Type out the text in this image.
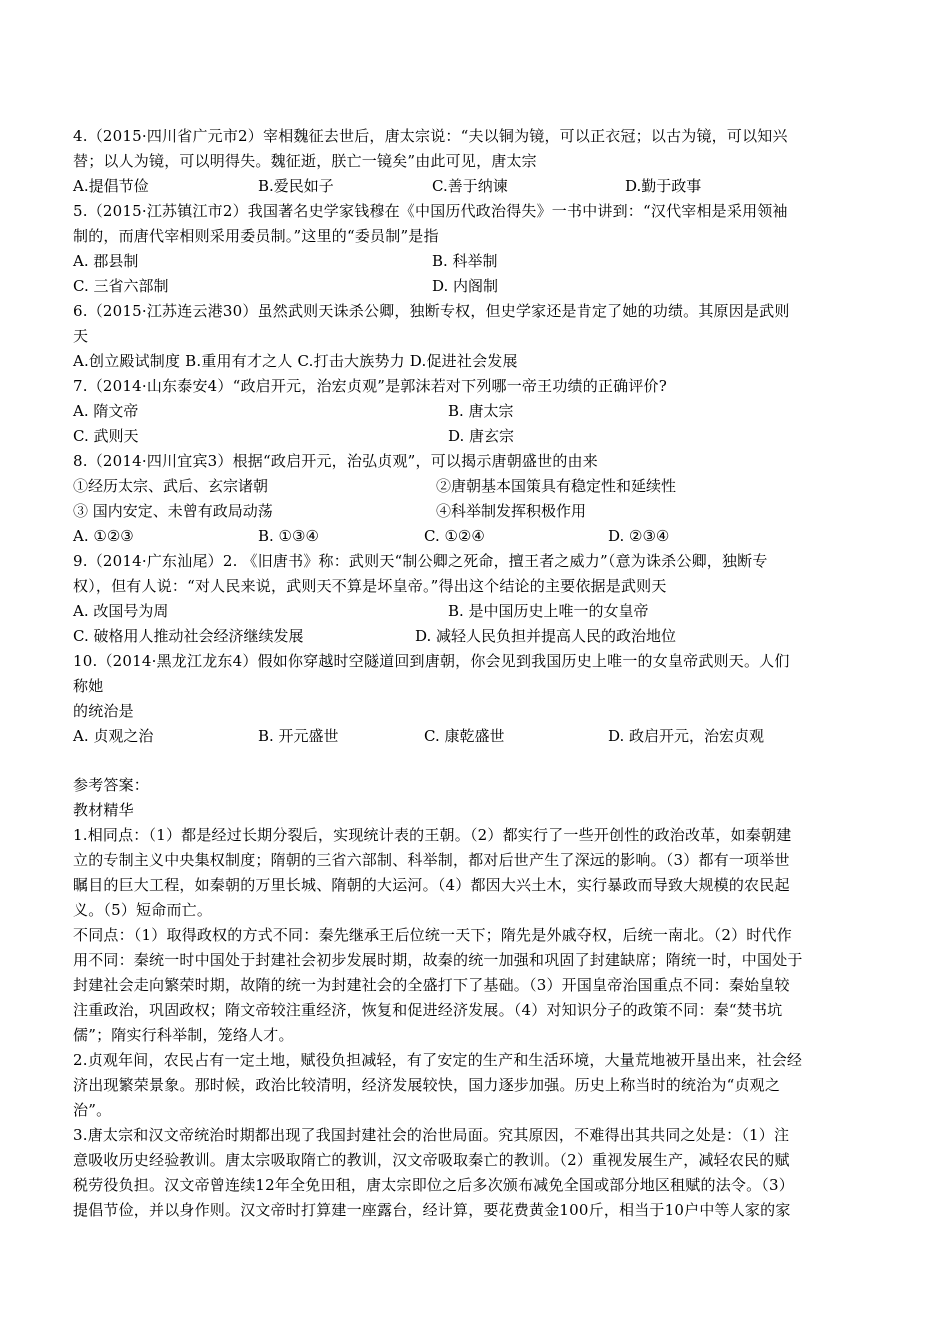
4.（2015·四川省广元市2）宰相魏征去世后，唐太宗说：“夫以铜为镜，可以正衣冠；以古为镜，可以知兴
替；以人为镜，可以明得失。魏征逝，朕亡一镜矣”由此可见，唐太宗
A.提倡节俭	B.爱民如子	C.善于纳谏	D.勤于政事
5.（2015·江苏镇江市2）我国著名史学家钱穆在《中国历代政治得失》一书中讲到：“汉代宰相是采用领袖
制的，而唐代宰相则采用委员制。”这里的“委员制”是指
A. 郡县制	B. 科举制
C. 三省六部制	D. 内阁制
6.（2015·江苏连云港30）虽然武则天诛杀公卿，独断专权，但史学家还是肯定了她的功绩。其原因是武则
天
A.创立殿试制度 B.重用有才之人 C.打击大族势力 D.促进社会发展
7.（2014·山东泰安4）“政启开元，治宏贞观”是郭沫若对下列哪一帝王功绩的正确评价?
A. 隋文帝	B. 唐太宗
C. 武则天	D. 唐玄宗
8.（2014·四川宜宾3）根据“政启开元，治弘贞观”，可以揭示唐朝盛世的由来
①经历太宗、武后、玄宗诸朝	②唐朝基本国策具有稳定性和延续性
③ 国内安定、未曾有政局动荡	④科举制发挥积极作用
A. ①②③	B. ①③④	C. ①②④	D. ②③④
9.（2014·广东汕尾）2. 《旧唐书》称：武则天“制公卿之死命，擅王者之威力”（意为诛杀公卿，独断专
权），但有人说：“对人民来说，武则天不算是坏皇帝。”得出这个结论的主要依据是武则天
A. 改国号为周	B. 是中国历史上唯一的女皇帝
C. 破格用人推动社会经济继续发展	D. 减轻人民负担并提高人民的政治地位
10.（2014·黑龙江龙东4）假如你穿越时空隧道回到唐朝，你会见到我国历史上唯一的女皇帝武则天。人们
称她
的统治是
A. 贞观之治	B. 开元盛世	C. 康乾盛世	D. 政启开元，治宏贞观
参考答案：
教材精华
1.相同点：（1）都是经过长期分裂后，实现统计表的王朝。（2）都实行了一些开创性的政治改革，如秦朝建
立的专制主义中央集权制度；隋朝的三省六部制、科举制，都对后世产生了深远的影响。（3）都有一项举世
瞩目的巨大工程，如秦朝的万里长城、隋朝的大运河。（4）都因大兴土木，实行暴政而导致大规模的农民起
义。（5）短命而亡。
不同点：（1）取得政权的方式不同：秦先继承王后位统一天下；隋先是外戚夺权，后统一南北。（2）时代作
用不同：秦统一时中国处于封建社会初步发展时期，故秦的统一加强和巩固了封建缺席；隋统一时，中国处于
封建社会走向繁荣时期，故隋的统一为封建社会的全盛打下了基础。（3）开国皇帝治国重点不同：秦始皇较
注重政治，巩固政权；隋文帝较注重经济，恢复和促进经济发展。（4）对知识分子的政策不同：秦“焚书坑
儒”；隋实行科举制，笼络人才。
2.贞观年间，农民占有一定土地，赋役负担减轻，有了安定的生产和生活环境，大量荒地被开垦出来，社会经
济出现繁荣景象。那时候，政治比较清明，经济发展较快，国力逐步加强。历史上称当时的统治为“贞观之
治”。
3.唐太宗和汉文帝统治时期都出现了我国封建社会的治世局面。究其原因，不难得出其共同之处是：（1）注
意吸收历史经验教训。唐太宗吸取隋亡的教训，汉文帝吸取秦亡的教训。（2）重视发展生产，减轻农民的赋
税劳役负担。汉文帝曾连续12年全免田租，唐太宗即位之后多次颁布减免全国或部分地区租赋的法令。（3）
提倡节俭，并以身作则。汉文帝时打算建一座露台，经计算，要花费黄金100斤，相当于10户中等人家的家
